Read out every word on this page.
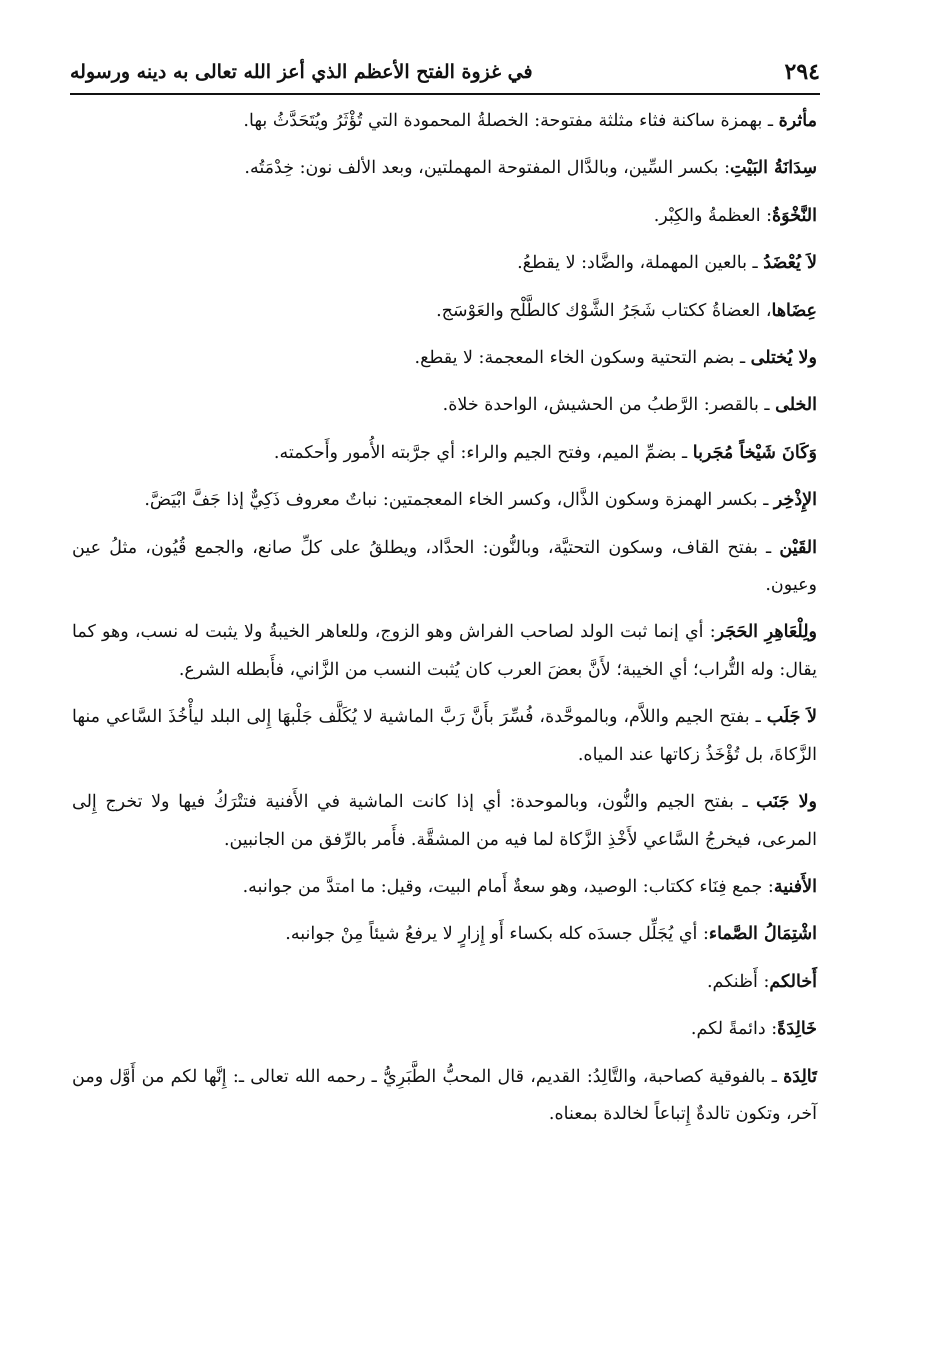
٢٩٤
في غزوة الفتح الأعظم الذي أعز الله تعالى به دينه ورسوله

مأثرة ـ بهمزة ساكنة فثاء مثلثة مفتوحة: الخصلةُ المحمودة التي تُؤْثَرُ ويُتَحَدَّثُ بها.

سِدَانَةُ البَيْتِ: بكسر السِّين، وبالدَّال المفتوحة المهملتين، وبعد الألف نون: خِدْمَتُه.

النَّخْوَةُ: العظمةُ والكِبْر.

لاَ يُعْضَدُ ـ بالعين المهملة، والضَّاد: لا يقطعُ.

عِضَاها، العضاةُ ككتاب شَجَرُ الشَّوْك كالطَّلْح والعَوْسَج.

ولا يُختلى ـ بضم التحتية وسكون الخاء المعجمة: لا يقطع.

الخلى ـ بالقصر: الرَّطبُ من الحشيش، الواحدة خلاة.

وَكَانَ شَيْخاً مُجَربا ـ بضمِّ الميم، وفتح الجيم والراء: أي جرَّبته الأُمور وأَحكمته.

الإِذْخِر ـ بكسر الهمزة وسكون الذَّال، وكسر الخاء المعجمتين: نباتٌ معروف ذَكِيٌّ إذا جَفَّ ابْيَضَّ.

القَيْن ـ بفتح القاف، وسكون التحتيَّة، وبالنُّون: الحدَّاد، ويطلقُ على كلِّ صانع، والجمع قُيُون، مثلُ عين وعيون.

ولِلْعَاهِرِ الحَجَر: أي إنما ثبت الولد لصاحب الفراش وهو الزوج، وللعاهر الخيبةُ ولا يثبت له نسب، وهو كما يقال: وله التُّراب؛ أي الخيبة؛ لأَنَّ بعضَ العرب كان يُثبت النسب من الزَّاني، فأَبطله الشرع.

لاَ جَلَب ـ بفتح الجيم واللاَّم، وبالموحَّدة، فُسِّرَ بأَنَّ رَبَّ الماشية لا يُكَلَّف جَلْبهَا إِلى البلد ليأْخُذَ السَّاعي منها الزَّكاةَ، بل تُؤْخَذُ زكاتها عند المياه.

ولا جَنَب ـ بفتح الجيم والنُّون، وبالموحدة: أي إذا كانت الماشية في الأَفنية فتتْرَكُ فيها ولا تخرج إِلى المرعى، فيخرجُ السَّاعي لأَخْذِ الزَّكاة لما فيه من المشقَّة. فأَمر بالرِّفق من الجانبين.

الأَفنية: جمع فِنَاء ككتاب: الوصيد، وهو سعةٌ أَمام البيت، وقيل: ما امتدَّ من جوانبه.

اشْتِمَالُ الصَّماء: أي يُجَلِّل جسدَه كله بكساء أَو إِزارٍ لا يرفعُ شيئاً مِنْ جوانبه.

أَخالكم: أَظنكم.

خَالِدَةً: دائمةً لكم.

تَالِدَة ـ بالفوقية كصاحبة، والتَّالِدُ: القديم، قال المحبُّ الطَّبَرِيُّ ـ رحمه الله تعالى ـ: إِنَّها لكم من أَوَّل ومن آخر، وتكون تالدةٌ إِتباعاً لخالدة بمعناه.
